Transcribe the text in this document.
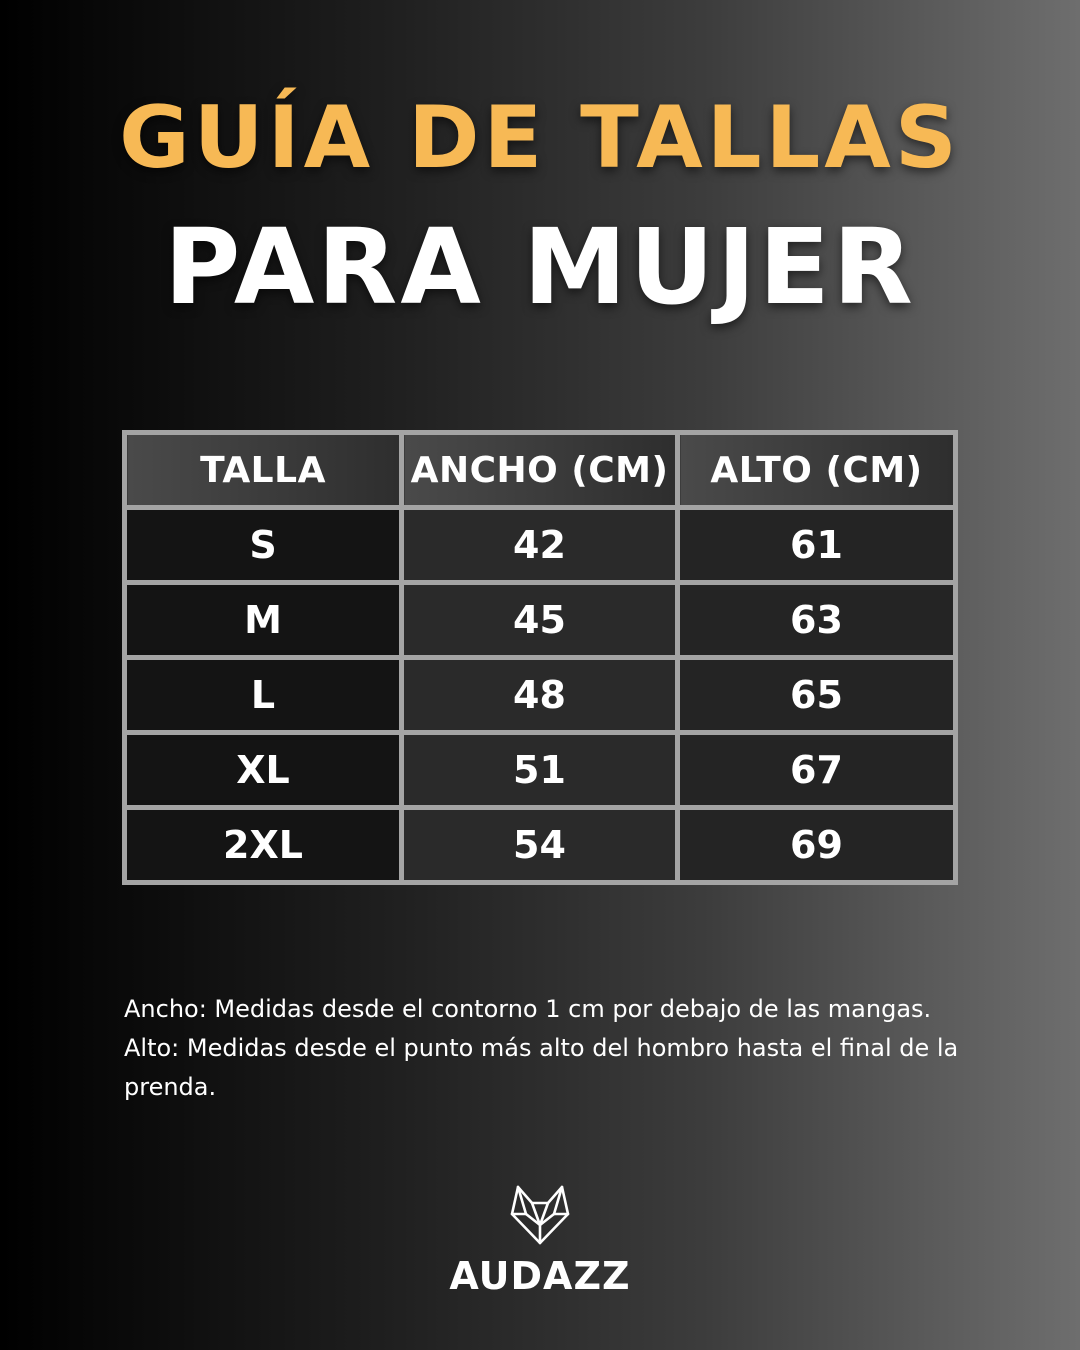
GUÍA DE TALLAS
PARA MUJER
TALLA	ANCHO (CM)	ALTO (CM)
S	42	61
M	45	63
L	48	65
XL	51	67
2XL	54	69

Ancho: Medidas desde el contorno 1 cm por debajo de las mangas.

Alto: Medidas desde el punto más alto del hombro hasta el final de la prenda.

AUDAZZ
